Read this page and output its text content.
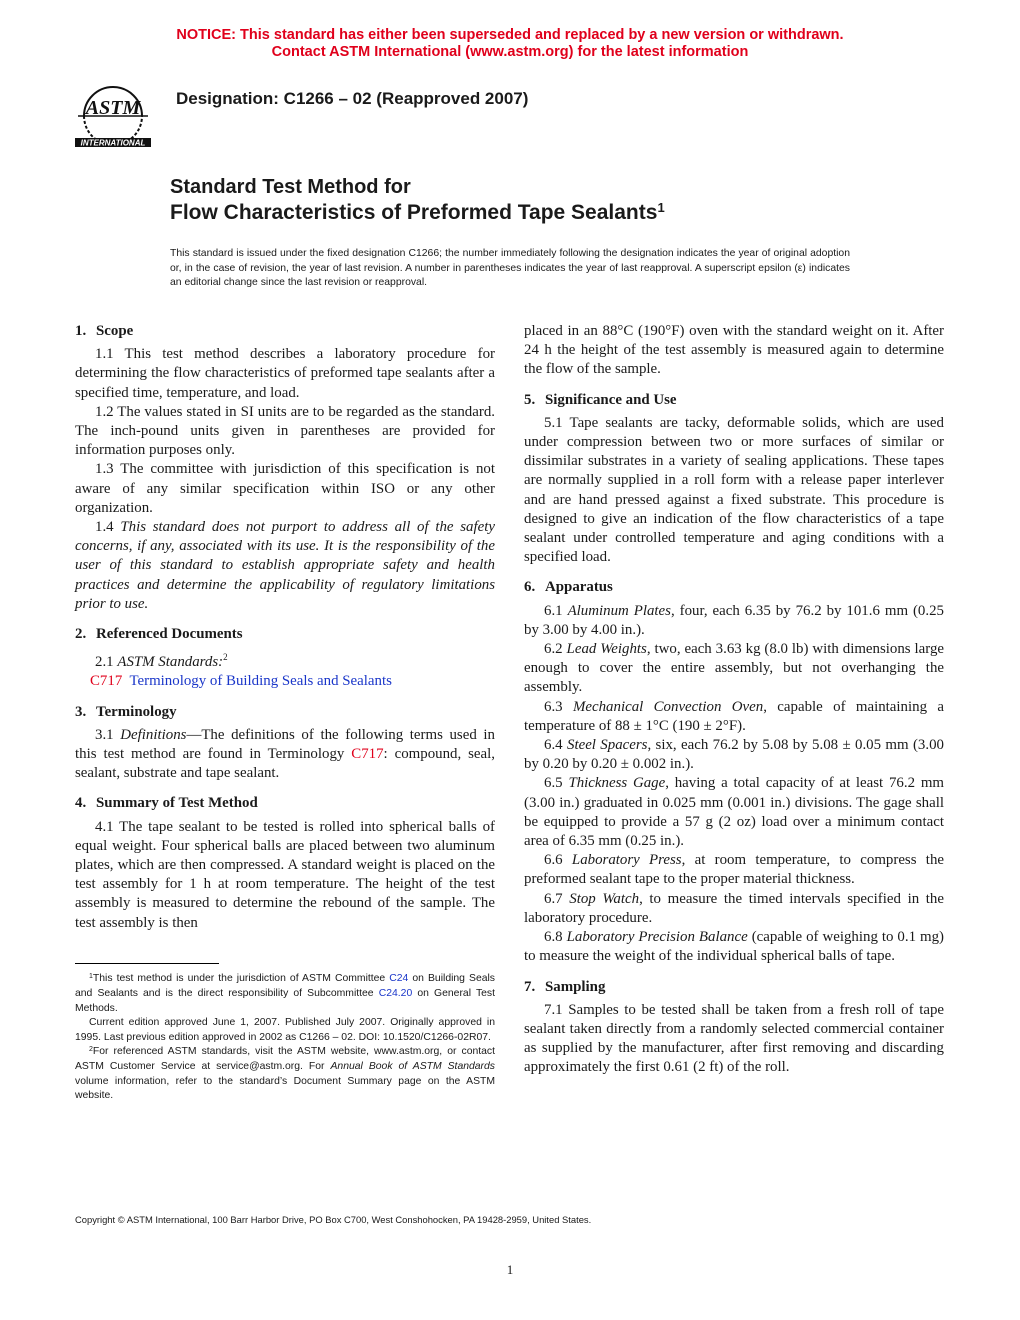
NOTICE: This standard has either been superseded and replaced by a new version or withdrawn.
Contact ASTM International (www.astm.org) for the latest information
ASTM
INTERNATIONAL
Designation: C1266 – 02 (Reapproved 2007)
Standard Test Method for
Flow Characteristics of Preformed Tape Sealants$^1$
This standard is issued under the fixed designation C1266; the number immediately following the designation indicates the year of original adoption or, in the case of revision, the year of last revision. A number in parentheses indicates the year of last reapproval. A superscript epsilon (ε) indicates an editorial change since the last revision or reapproval.
1. Scope

1.1 This test method describes a laboratory procedure for determining the flow characteristics of preformed tape sealants after a specified time, temperature, and load.

1.2 The values stated in SI units are to be regarded as the standard. The inch-pound units given in parentheses are provided for information purposes only.

1.3 The committee with jurisdiction of this specification is not aware of any similar specification within ISO or any other organization.

1.4 This standard does not purport to address all of the safety concerns, if any, associated with its use. It is the responsibility of the user of this standard to establish appropriate safety and health practices and determine the applicability of regulatory limitations prior to use.

2. Referenced Documents

2.1 ASTM Standards:$^2$

C717 Terminology of Building Seals and Sealants

3. Terminology

3.1 Definitions—The definitions of the following terms used in this test method are found in Terminology C717: compound, seal, sealant, substrate and tape sealant.

4. Summary of Test Method

4.1 The tape sealant to be tested is rolled into spherical balls of equal weight. Four spherical balls are placed between two aluminum plates, which are then compressed. A standard weight is placed on the test assembly for 1 h at room temperature. The height of the test assembly is measured to determine the rebound of the sample. The test assembly is then

$^1$This test method is under the jurisdiction of ASTM Committee C24 on Building Seals and Sealants and is the direct responsibility of Subcommittee C24.20 on General Test Methods.

Current edition approved June 1, 2007. Published July 2007. Originally approved in 1995. Last previous edition approved in 2002 as C1266 – 02. DOI: 10.1520/C1266-02R07.

$^2$For referenced ASTM standards, visit the ASTM website, www.astm.org, or contact ASTM Customer Service at service@astm.org. For Annual Book of ASTM Standards volume information, refer to the standard’s Document Summary page on the ASTM website.

placed in an 88°C (190°F) oven with the standard weight on it. After 24 h the height of the test assembly is measured again to determine the flow of the sample.

5. Significance and Use

5.1 Tape sealants are tacky, deformable solids, which are used under compression between two or more surfaces of similar or dissimilar substrates in a variety of sealing applications. These tapes are normally supplied in a roll form with a release paper interlever and are hand pressed against a fixed substrate. This procedure is designed to give an indication of the flow characteristics of a tape sealant under controlled temperature and aging conditions with a specified load.

6. Apparatus

6.1 Aluminum Plates, four, each 6.35 by 76.2 by 101.6 mm (0.25 by 3.00 by 4.00 in.).

6.2 Lead Weights, two, each 3.63 kg (8.0 lb) with dimensions large enough to cover the entire assembly, but not overhanging the assembly.

6.3 Mechanical Convection Oven, capable of maintaining a temperature of 88 ± 1°C (190 ± 2°F).

6.4 Steel Spacers, six, each 76.2 by 5.08 by 5.08 ± 0.05 mm (3.00 by 0.20 by 0.20 ± 0.002 in.).

6.5 Thickness Gage, having a total capacity of at least 76.2 mm (3.00 in.) graduated in 0.025 mm (0.001 in.) divisions. The gage shall be equipped to provide a 57 g (2 oz) load over a minimum contact area of 6.35 mm (0.25 in.).

6.6 Laboratory Press, at room temperature, to compress the preformed sealant tape to the proper material thickness.

6.7 Stop Watch, to measure the timed intervals specified in the laboratory procedure.

6.8 Laboratory Precision Balance (capable of weighing to 0.1 mg) to measure the weight of the individual spherical balls of tape.

7. Sampling

7.1 Samples to be tested shall be taken from a fresh roll of tape sealant taken directly from a randomly selected commercial container as supplied by the manufacturer, after first removing and discarding approximately the first 0.61 (2 ft) of the roll.

Copyright © ASTM International, 100 Barr Harbor Drive, PO Box C700, West Conshohocken, PA 19428-2959, United States.
1
